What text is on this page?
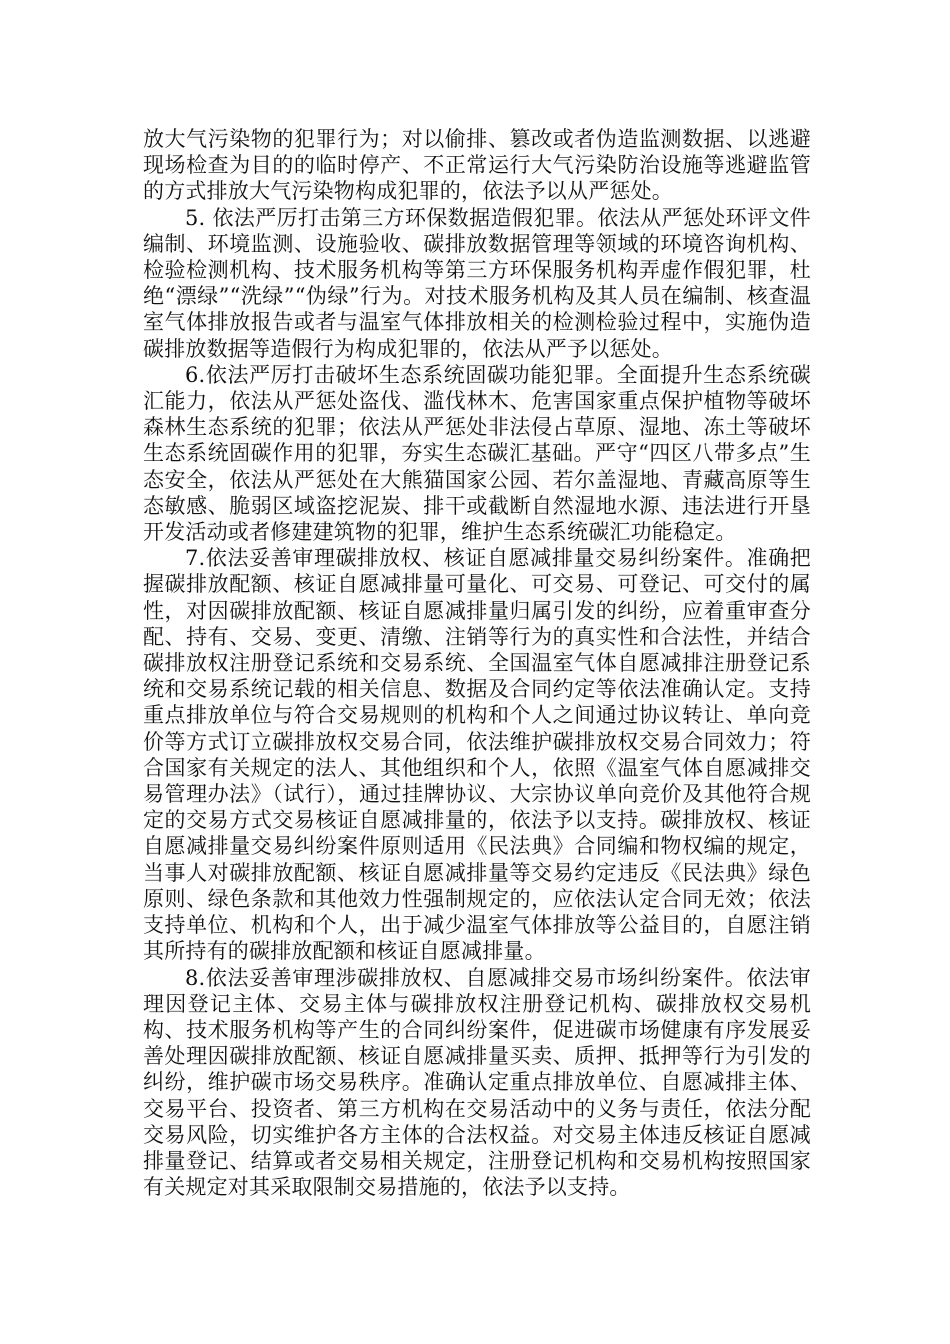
放大气污染物的犯罪行为；对以偷排、篡改或者伪造监测数据、以逃避现场检查为目的的临时停产、不正常运行大气污染防治设施等逃避监管的方式排放大气污染物构成犯罪的，依法予以从严惩处。

5. 依法严厉打击第三方环保数据造假犯罪。依法从严惩处环评文件编制、环境监测、设施验收、碳排放数据管理等领域的环境咨询机构、检验检测机构、技术服务机构等第三方环保服务机构弄虚作假犯罪，杜绝“漂绿”“洗绿”“伪绿”行为。对技术服务机构及其人员在编制、核查温室气体排放报告或者与温室气体排放相关的检测检验过程中，实施伪造碳排放数据等造假行为构成犯罪的，依法从严予以惩处。

6.依法严厉打击破坏生态系统固碳功能犯罪。全面提升生态系统碳汇能力，依法从严惩处盗伐、滥伐林木、危害国家重点保护植物等破坏森林生态系统的犯罪；依法从严惩处非法侵占草原、湿地、冻土等破坏生态系统固碳作用的犯罪，夯实生态碳汇基础。严守“四区八带多点”生态安全，依法从严惩处在大熊猫国家公园、若尔盖湿地、青藏高原等生态敏感、脆弱区域盗挖泥炭、排干或截断自然湿地水源、违法进行开垦开发活动或者修建建筑物的犯罪，维护生态系统碳汇功能稳定。

7.依法妥善审理碳排放权、核证自愿减排量交易纠纷案件。准确把握碳排放配额、核证自愿减排量可量化、可交易、可登记、可交付的属性，对因碳排放配额、核证自愿减排量归属引发的纠纷，应着重审查分配、持有、交易、变更、清缴、注销等行为的真实性和合法性，并结合碳排放权注册登记系统和交易系统、全国温室气体自愿减排注册登记系统和交易系统记载的相关信息、数据及合同约定等依法准确认定。支持重点排放单位与符合交易规则的机构和个人之间通过协议转让、单向竞价等方式订立碳排放权交易合同，依法维护碳排放权交易合同效力；符合国家有关规定的法人、其他组织和个人，依照《温室气体自愿减排交易管理办法》（试行），通过挂牌协议、大宗协议单向竞价及其他符合规定的交易方式交易核证自愿减排量的，依法予以支持。碳排放权、核证自愿减排量交易纠纷案件原则适用《民法典》合同编和物权编的规定，当事人对碳排放配额、核证自愿减排量等交易约定违反《民法典》绿色原则、绿色条款和其他效力性强制规定的，应依法认定合同无效；依法支持单位、机构和个人，出于减少温室气体排放等公益目的，自愿注销其所持有的碳排放配额和核证自愿减排量。

8.依法妥善审理涉碳排放权、自愿减排交易市场纠纷案件。依法审理因登记主体、交易主体与碳排放权注册登记机构、碳排放权交易机构、技术服务机构等产生的合同纠纷案件，促进碳市场健康有序发展妥善处理因碳排放配额、核证自愿减排量买卖、质押、抵押等行为引发的纠纷，维护碳市场交易秩序。准确认定重点排放单位、自愿减排主体、交易平台、投资者、第三方机构在交易活动中的义务与责任，依法分配交易风险，切实维护各方主体的合法权益。对交易主体违反核证自愿减排量登记、结算或者交易相关规定，注册登记机构和交易机构按照国家有关规定对其采取限制交易措施的，依法予以支持。
